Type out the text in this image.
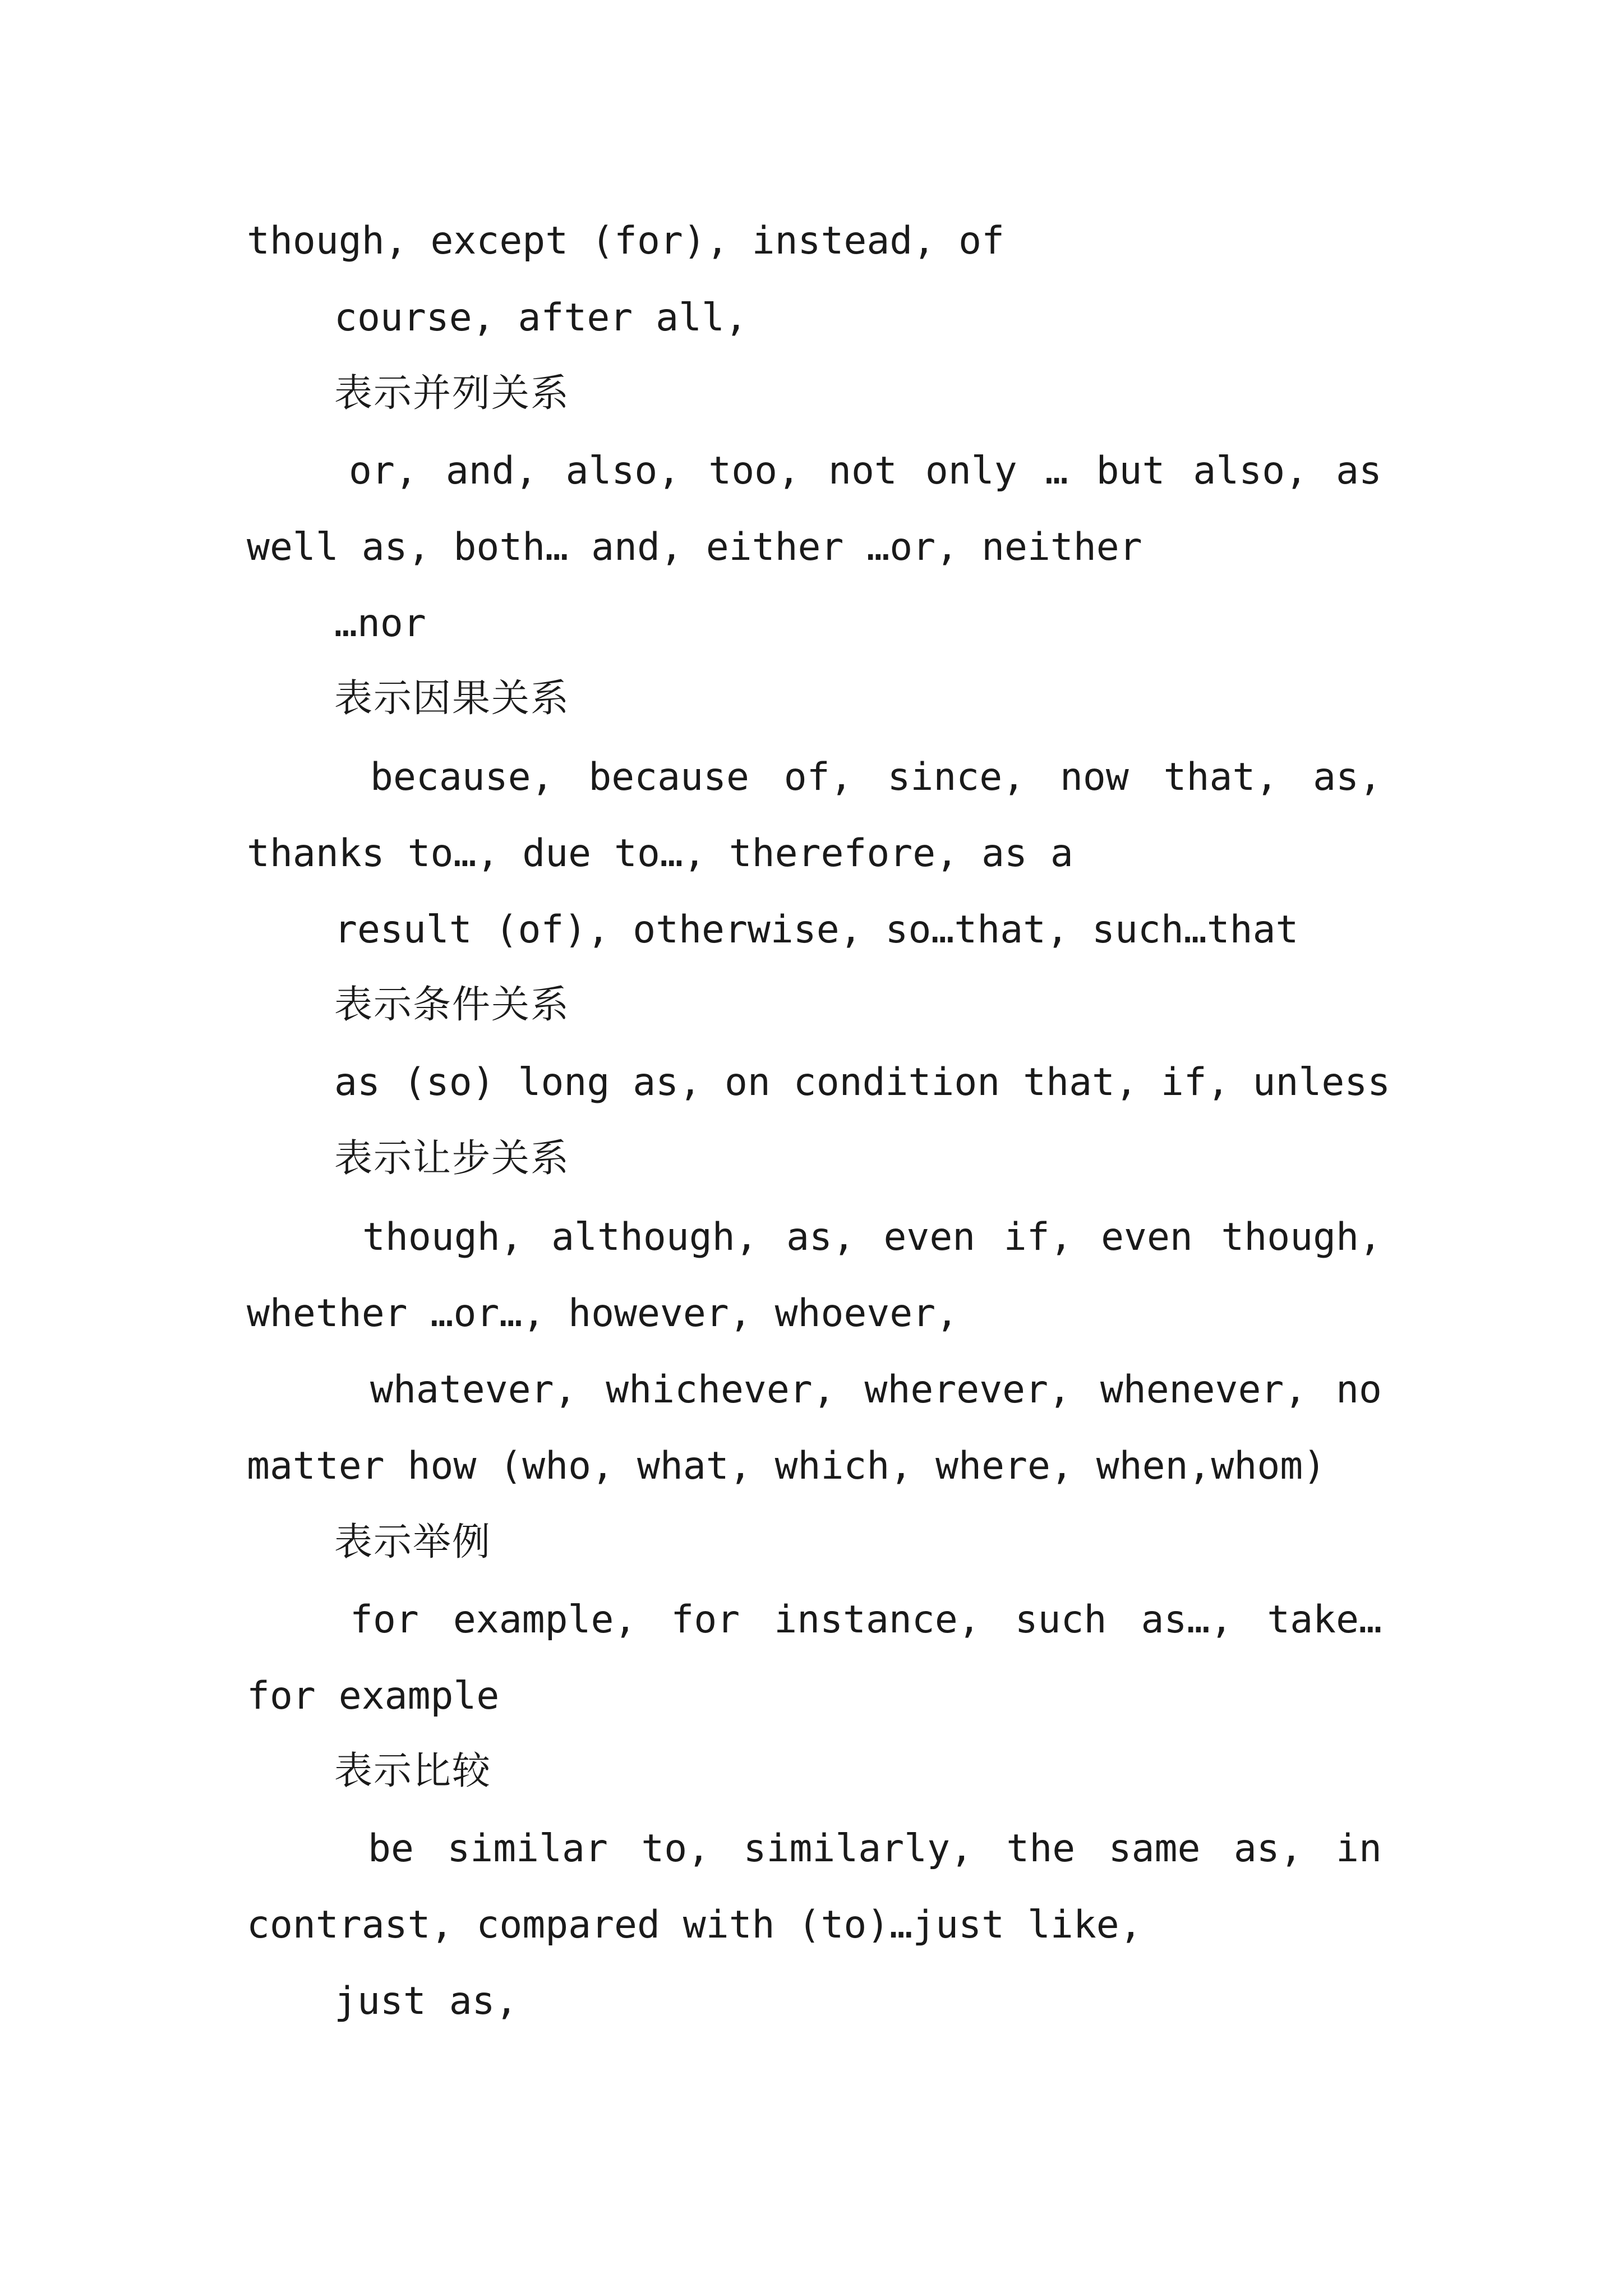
though, except (for), instead, of
course, after all,
表示并列关系
or, and, also, too, not only … but also, as
well as, both… and, either …or, neither
…nor
表示因果关系
because, because of, since, now that, as,
thanks to…, due to…, therefore, as a
result (of), otherwise, so…that, such…that
表示条件关系
as (so) long as, on condition that, if, unless
表示让步关系
though, although, as, even if, even though,
whether …or…, however, whoever,
whatever, whichever, wherever, whenever, no
matter how (who, what, which, where, when,whom)
表示举例
for example, for instance, such as…, take…
for example
表示比较
be similar to, similarly, the same as, in
contrast, compared with (to)…just like,
just as,
